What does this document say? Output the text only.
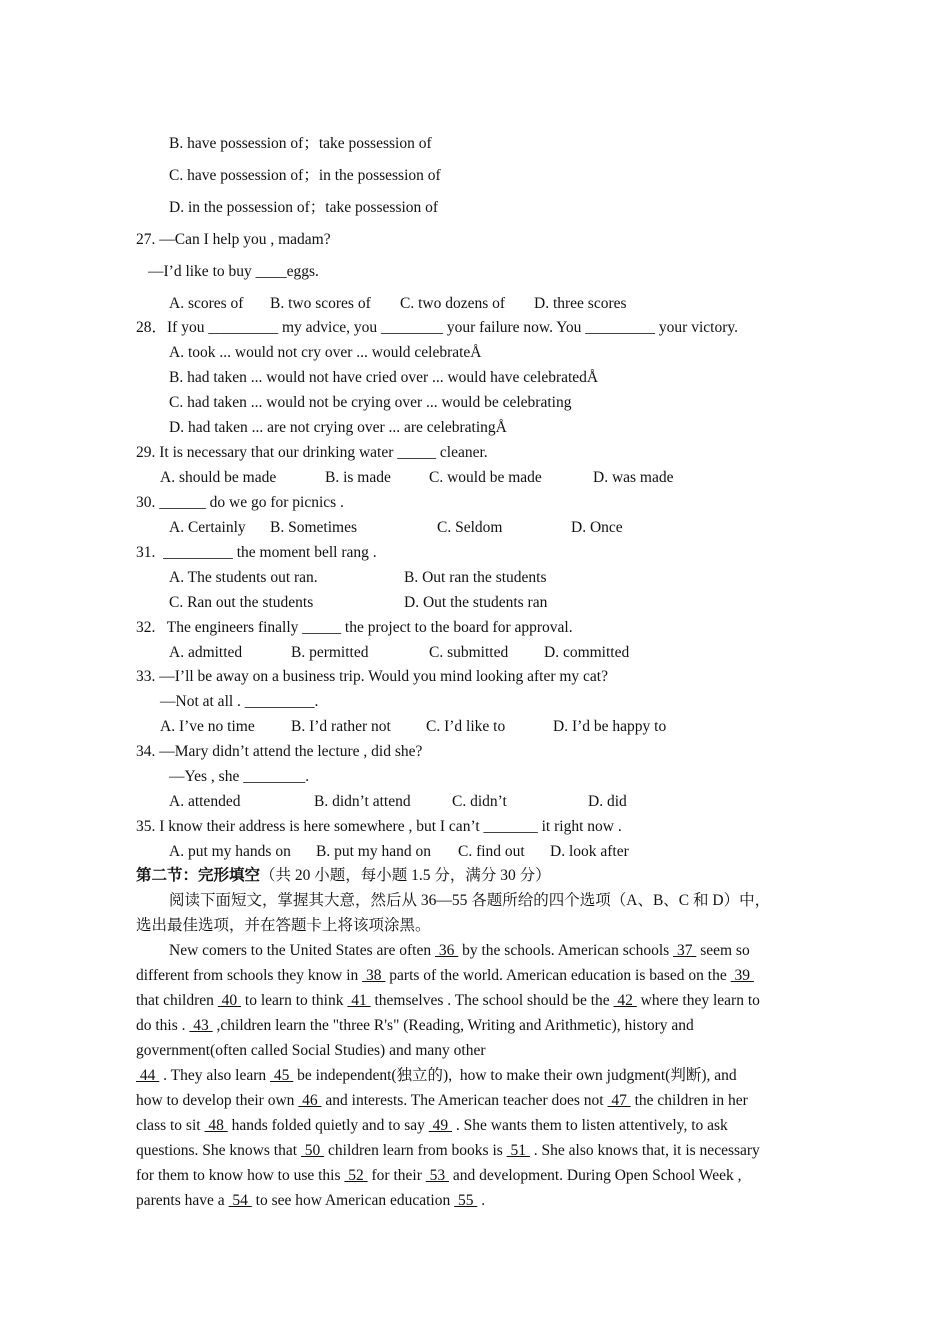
B. have possession of；take possession of
C. have possession of；in the possession of
D. in the possession of；take possession of
27. —Can I help you , madam?
—I’d like to buy ____eggs.
A. scores of B. two scores of C. two dozens of D. three scores
28．If you _________ my advice, you ________ your failure now. You _________ your victory.
A. took ... would not cry over ... would celebrateÅ
B. had taken ... would not have cried over ... would have celebratedÅ
C. had taken ... would not be crying over ... would be celebrating
D. had taken ... are not crying over ... are celebratingÅ
29. It is necessary that our drinking water _____ cleaner.
A. should be made	B. is made C. would be made	D. was made
30. ______ do we go for picnics .
A. Certainly B. Sometimes	C. Seldom	D. Once
31.  _________ the moment bell rang .
A. The students out ran.	B. Out ran the students
C. Ran out the students	D. Out the students ran
32.   The engineers finally _____ the project to the board for approval.
A. admitted	B. permitted	C. submitted D. committed
33. —I’ll be away on a business trip. Would you mind looking after my cat?
—Not at all . _________.
A. I’ve no time B. I’d rather not C. I’d like to	D. I’d be happy to
34. —Mary didn’t attend the lecture , did she?
—Yes , she ________.
A. attended	B. didn’t attend	C. didn’t	D. did
35. I know their address is here somewhere , but I can’t _______ it right now .
A. put my hands on B. put my hand on C. find out D. look after
第二节：完形填空（共 20 小题，每小题 1.5 分，满分 30 分）
阅读下面短文，掌握其大意，然后从 36—55 各题所给的四个选项（A、B、C 和 D）中，
选出最佳选项，并在答题卡上将该项涂黑。
New comers to the United States are often  36  by the schools. American schools  37  seem so
different from schools they know in  38  parts of the world. American education is based on the  39
that children  40  to learn to think  41  themselves . The school should be the  42  where they learn to
do this .  43  ,children learn the "three R's" (Reading, Writing and Arithmetic), history and
government(often called Social Studies) and many other
44  . They also learn  45  be independent(独立的),  how to make their own judgment(判断), and
how to develop their own  46  and interests. The American teacher does not  47  the children in her
class to sit  48  hands folded quietly and to say  49  . She wants them to listen attentively, to ask
questions. She knows that  50  children learn from books is  51  . She also knows that, it is necessary
for them to know how to use this  52  for their  53  and development. During Open School Week ,
parents have a  54  to see how American education  55  .
